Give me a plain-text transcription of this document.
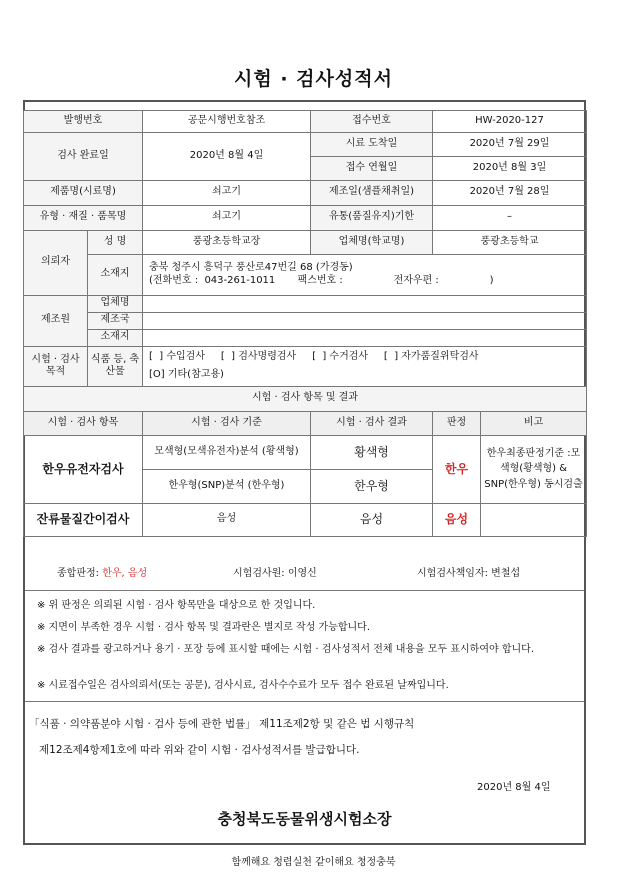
시험 · 검사성적서

발행번호		공문시행번호참조	접수번호	HW-2020-127	
검사 완료일		2020년 8월 4일	시료 도착일	2020년 7월 29일	
			접수 연월일	2020년 8월 3일	
제품명(시료명)		쇠고기	제조일(샘플채취일)	2020년 7월 28일	
유형 · 재질 · 품목명		쇠고기	유통(품질유지)기한	–	
의뢰자	성 명	풍광초등학교장	업체명(학교명)	풍광초등학교	
	소재지	충북 청주시 흥덕구 풍산로47번길 68 (가경동)
(전화번호 :  043-261-1011       팩스번호 :                전자우편 :                )			

제조원	업체명				
	제조국				
	소재지				
시험 · 검사 목적	식품 등, 축산물	[  ] 수입검사     [  ] 검사명령검사     [  ] 수거검사     [  ] 자가품질위탁검사
[O] 기타(참고용)			

시험 · 검사 항목 및 결과					
시험 · 검사 항목		시험 · 검사 기준	시험 · 검사 결과	판정	비고
한우유전자검사		모색형(모색유전자)분석 (황색형)	황색형	한우	한우최종판정기준 :모색형(황색형) & SNP(한우형) 동시검출
		한우형(SNP)분석 (한우형)	한우형		
잔류물질간이검사		음성	음성	음성	
종합판정: 한우, 음성	시험검사원: 이영신	시험검사책임자: 변철섭
※ 위 판정은 의뢰된 시험 · 검사 항목만을 대상으로 한 것입니다.
※ 지면이 부족한 경우 시험 · 검사 항목 및 결과란은 별지로 작성 가능합니다.
※ 검사 결과를 광고하거나 용기 · 포장 등에 표시할 때에는 시험 · 검사성적서 전체 내용을 모두 표시하여야 합니다.
※ 시료접수일은 검사의뢰서(또는 공문), 검사시료, 검사수수료가 모두 접수 완료된 날짜입니다.
「식품 · 의약품분야 시험 · 검사 등에 관한 법률」 제11조제2항 및 같은 법 시행규칙
제12조제4항제1호에 따라 위와 같이 시험 · 검사성적서를 발급합니다.
2020년 8월 4일
충청북도동물위생시험소장
함께해요 청렴실천 같이해요 청정충북
